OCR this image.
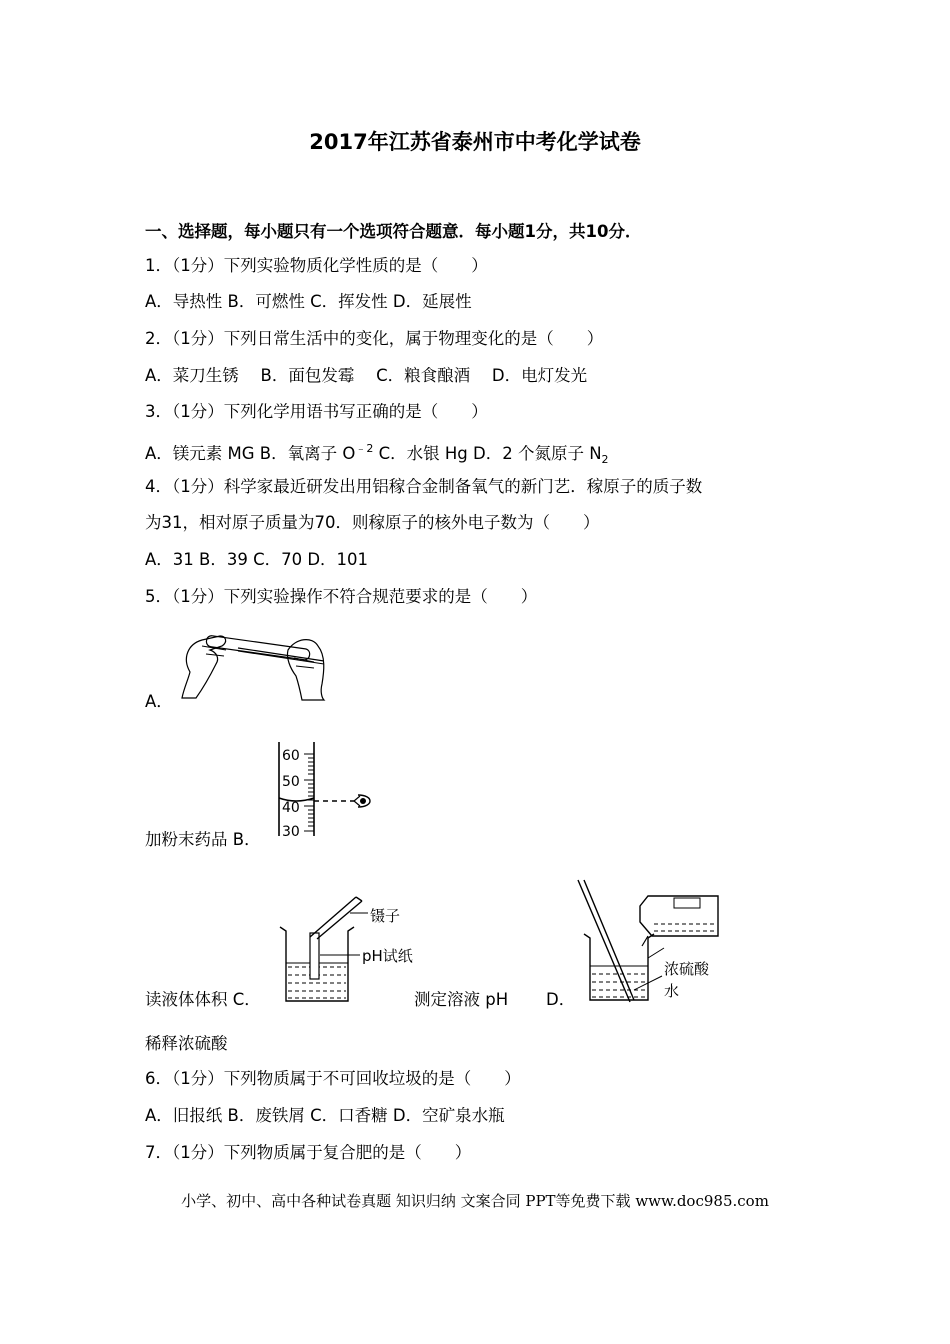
2017年江苏省泰州市中考化学试卷
一、选择题，每小题只有一个选项符合题意．每小题1分，共10分．
1．（1分）下列实验物质化学性质的是（　　）
A．导热性 B．可燃性 C．挥发性 D．延展性
2．（1分）下列日常生活中的变化，属于物理变化的是（　　）
A．菜刀生锈　 B．面包发霉　 C．粮食酿酒　 D．电灯发光
3．（1分）下列化学用语书写正确的是（　　）
A．镁元素 MG B．氧离子 $O^{﹣2}$ C．水银 Hg D．2 个氮原子 $N_2$
4．（1分）科学家最近研发出用铝稼合金制备氧气的新门艺．稼原子的质子数
为31，相对原子质量为70．则稼原子的核外电子数为（　　）
A．31 B．39 C．70 D．101
5．（1分）下列实验操作不符合规范要求的是（　　）
A．
加粉末药品 B．
60
50
40
30
读液体体积 C．
镊子
pH试纸
测定溶液 pH D．
浓硫酸
水
稀释浓硫酸
6．（1分）下列物质属于不可回收垃圾的是（　　）
A．旧报纸 B．废铁屑 C．口香糖 D．空矿泉水瓶
7．（1分）下列物质属于复合肥的是（　　）
小学、初中、高中各种试卷真题 知识归纳 文案合同 PPT等免费下载 www.doc985.com
